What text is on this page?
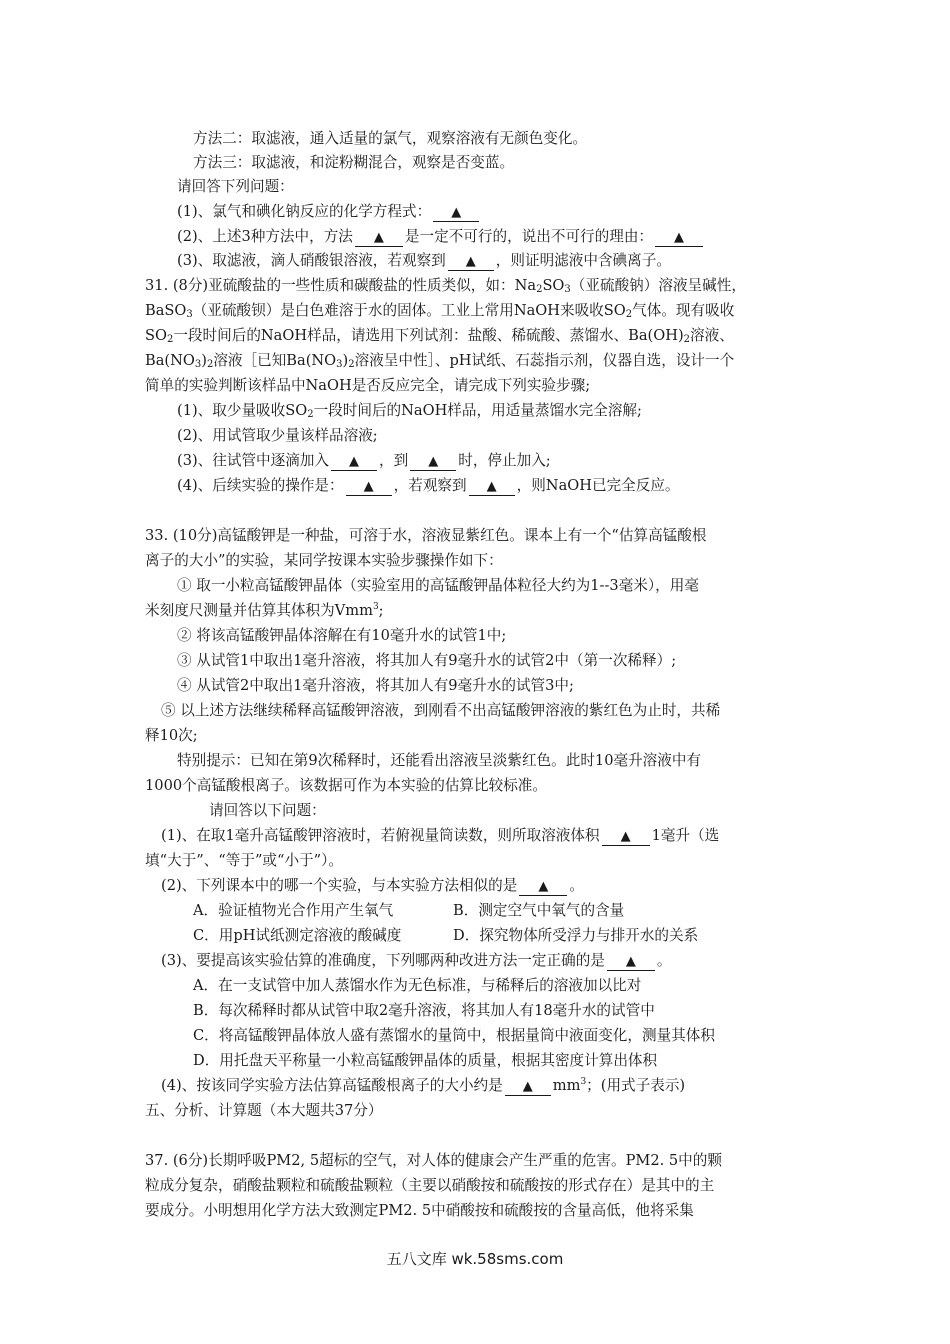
方法二：取滤液，通入适量的氯气，观察溶液有无颜色变化。
方法三：取滤液，和淀粉糊混合，观察是否变蓝。
请回答下列问题：
(1)、氯气和碘化钠反应的化学方程式： ▲
(2)、上述3种方法中，方法 ▲ 是一定不可行的，说出不可行的理由： ▲
(3)、取滤液，滴人硝酸银溶液，若观察到 ▲ ，则证明滤液中含碘离子。
31. (8分)亚硫酸盐的一些性质和碳酸盐的性质类似，如：$Na_2SO_3$（亚硫酸钠）溶液呈碱性，
BaSO$_3$（亚硫酸钡）是白色难溶于水的固体。工业上常用NaOH来吸收$SO_2$气体。现有吸收
$SO_2$一段时间后的NaOH样品，请选用下列试剂：盐酸、稀硫酸、蒸馏水、$Ba(OH)_2$溶液、
$Ba(NO_3)_2$溶液［已知$Ba(NO_3)_2$溶液呈中性］、pH试纸、石蕊指示剂，仪器自选，设计一个
简单的实验判断该样品中NaOH是否反应完全，请完成下列实验步骤;
(1)、取少量吸收$SO_2$一段时间后的NaOH样品，用适量蒸馏水完全溶解;
(2)、用试管取少量该样品溶液;
(3)、往试管中逐滴加入 ▲ ，到 ▲ 时，停止加入;
(4)、后续实验的操作是： ▲ ，若观察到 ▲ ，则NaOH已完全反应。
33. (10分)高锰酸钾是一种盐，可溶于水，溶液显紫红色。课本上有一个“估算高锰酸根
离子的大小”的实验，某同学按课本实验步骤操作如下：
① 取一小粒高锰酸钾晶体（实验室用的高锰酸钾晶体粒径大约为1--3毫米），用毫
米刻度尺测量并估算其体积为Vmm$^3$;
② 将该高锰酸钾晶体溶解在有10毫升水的试管1中;
③ 从试管1中取出1毫升溶液，将其加人有9毫升水的试管2中（第一次稀释）;
④ 从试管2中取出1毫升溶液，将其加人有9毫升水的试管3中;
⑤ 以上述方法继续稀释高锰酸钾溶液，到刚看不出高锰酸钾溶液的紫红色为止时，共稀
释10次;
特别提示：已知在第9次稀释时，还能看出溶液呈淡紫红色。此时10毫升溶液中有
1000个高锰酸根离子。该数据可作为本实验的估算比较标准。
请回答以下问题：
(1)、在取1毫升高锰酸钾溶液时，若俯视量筒读数，则所取溶液体积 ▲ 1毫升（选
填“大于”、“等于”或“小于”）。
(2)、下列课本中的哪一个实验，与本实验方法相似的是 ▲ 。
A．验证植物光合作用产生氧气	B．测定空气中氧气的含量
C．用pH试纸测定溶液的酸碱度	D．探究物体所受浮力与排开水的关系
(3)、要提高该实验估算的准确度，下列哪两种改进方法一定正确的是 ▲ 。
A．在一支试管中加人蒸馏水作为无色标准，与稀释后的溶液加以比对
B．每次稀释时都从试管中取2毫升溶液，将其加人有18毫升水的试管中
C．将高锰酸钾晶体放人盛有蒸馏水的量筒中，根据量筒中液面变化，测量其体积
D．用托盘天平称量一小粒高锰酸钾晶体的质量，根据其密度计算出体积
(4)、按该同学实验方法估算高锰酸根离子的大小约是 ▲ $mm^3$；(用式子表示)
五、分析、计算题（本大题共37分）
37. (6分)长期呼吸PM2, 5超标的空气，对人体的健康会产生严重的危害。PM2. 5中的颗
粒成分复杂，硝酸盐颗粒和硫酸盐颗粒（主要以硝酸按和硫酸按的形式存在）是其中的主
要成分。小明想用化学方法大致测定PM2. 5中硝酸按和硫酸按的含量高低，他将采集
五八文库 wk.58sms.com
